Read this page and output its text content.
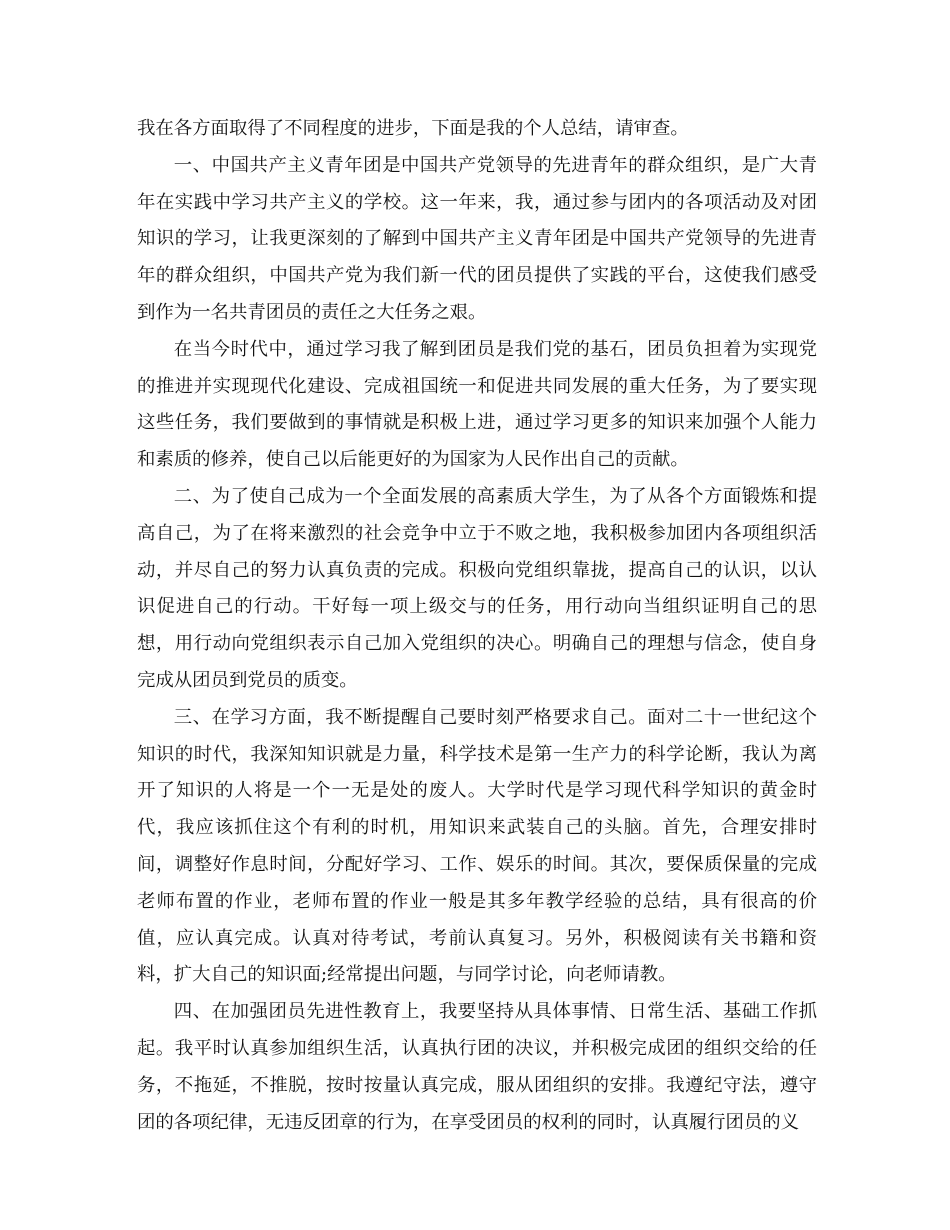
我在各方面取得了不同程度的进步，下面是我的个人总结，请审查。

一、中国共产主义青年团是中国共产党领导的先进青年的群众组织，是广大青年在实践中学习共产主义的学校。这一年来，我，通过参与团内的各项活动及对团知识的学习，让我更深刻的了解到中国共产主义青年团是中国共产党领导的先进青年的群众组织，中国共产党为我们新一代的团员提供了实践的平台，这使我们感受到作为一名共青团员的责任之大任务之艰。

在当今时代中，通过学习我了解到团员是我们党的基石，团员负担着为实现党的推进并实现现代化建设、完成祖国统一和促进共同发展的重大任务，为了要实现这些任务，我们要做到的事情就是积极上进，通过学习更多的知识来加强个人能力和素质的修养，使自己以后能更好的为国家为人民作出自己的贡献。

二、为了使自己成为一个全面发展的高素质大学生，为了从各个方面锻炼和提高自己，为了在将来激烈的社会竞争中立于不败之地，我积极参加团内各项组织活动，并尽自己的努力认真负责的完成。积极向党组织靠拢，提高自己的认识，以认识促进自己的行动。干好每一项上级交与的任务，用行动向当组织证明自己的思想，用行动向党组织表示自己加入党组织的决心。明确自己的理想与信念，使自身完成从团员到党员的质变。

三、在学习方面，我不断提醒自己要时刻严格要求自己。面对二十一世纪这个知识的时代，我深知知识就是力量，科学技术是第一生产力的科学论断，我认为离开了知识的人将是一个一无是处的废人。大学时代是学习现代科学知识的黄金时代，我应该抓住这个有利的时机，用知识来武装自己的头脑。首先，合理安排时间，调整好作息时间，分配好学习、工作、娱乐的时间。其次，要保质保量的完成老师布置的作业，老师布置的作业一般是其多年教学经验的总结，具有很高的价值，应认真完成。认真对待考试，考前认真复习。另外，积极阅读有关书籍和资料，扩大自己的知识面;经常提出问题，与同学讨论，向老师请教。

四、在加强团员先进性教育上，我要坚持从具体事情、日常生活、基础工作抓起。我平时认真参加组织生活，认真执行团的决议，并积极完成团的组织交给的任务，不拖延，不推脱，按时按量认真完成，服从团组织的安排。我遵纪守法，遵守团的各项纪律，无违反团章的行为，在享受团员的权利的同时，认真履行团员的义
